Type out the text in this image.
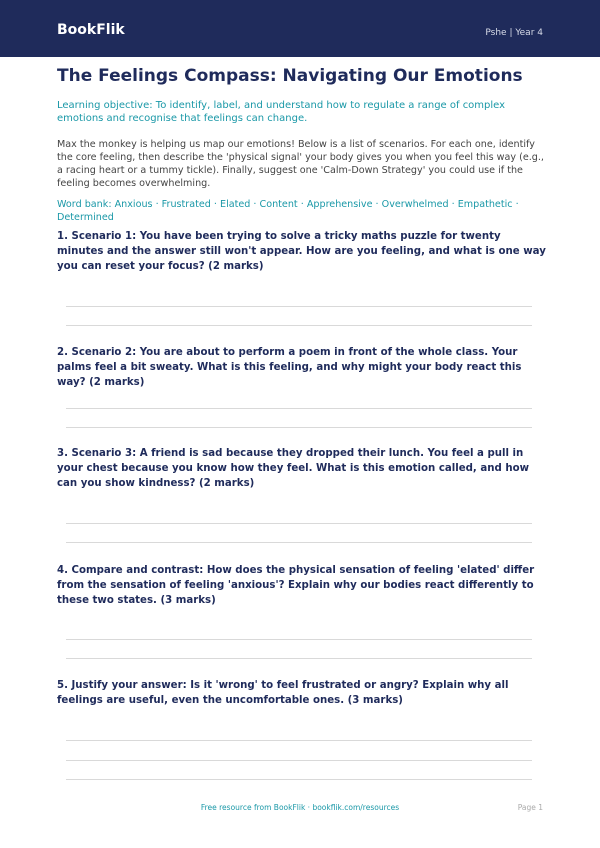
BookFlik	Pshe | Year 4
The Feelings Compass: Navigating Our Emotions

Learning objective: To identify, label, and understand how to regulate a range of complex emotions and recognise that feelings can change.

Max the monkey is helping us map our emotions! Below is a list of scenarios. For each one, identify the core feeling, then describe the 'physical signal' your body gives you when you feel this way (e.g., a racing heart or a tummy tickle). Finally, suggest one 'Calm-Down Strategy' you could use if the feeling becomes overwhelming.

Word bank: Anxious · Frustrated · Elated · Content · Apprehensive · Overwhelmed · Empathetic · Determined

1. Scenario 1: You have been trying to solve a tricky maths puzzle for twenty minutes and the answer still won't appear. How are you feeling, and what is one way you can reset your focus? (2 marks)

2. Scenario 2: You are about to perform a poem in front of the whole class. Your palms feel a bit sweaty. What is this feeling, and why might your body react this way? (2 marks)

3. Scenario 3: A friend is sad because they dropped their lunch. You feel a pull in your chest because you know how they feel. What is this emotion called, and how can you show kindness? (2 marks)

4. Compare and contrast: How does the physical sensation of feeling 'elated' differ from the sensation of feeling 'anxious'? Explain why our bodies react differently to these two states. (3 marks)

5. Justify your answer: Is it 'wrong' to feel frustrated or angry? Explain why all feelings are useful, even the uncomfortable ones. (3 marks)

Free resource from BookFlik · bookflik.com/resources	Page 1
